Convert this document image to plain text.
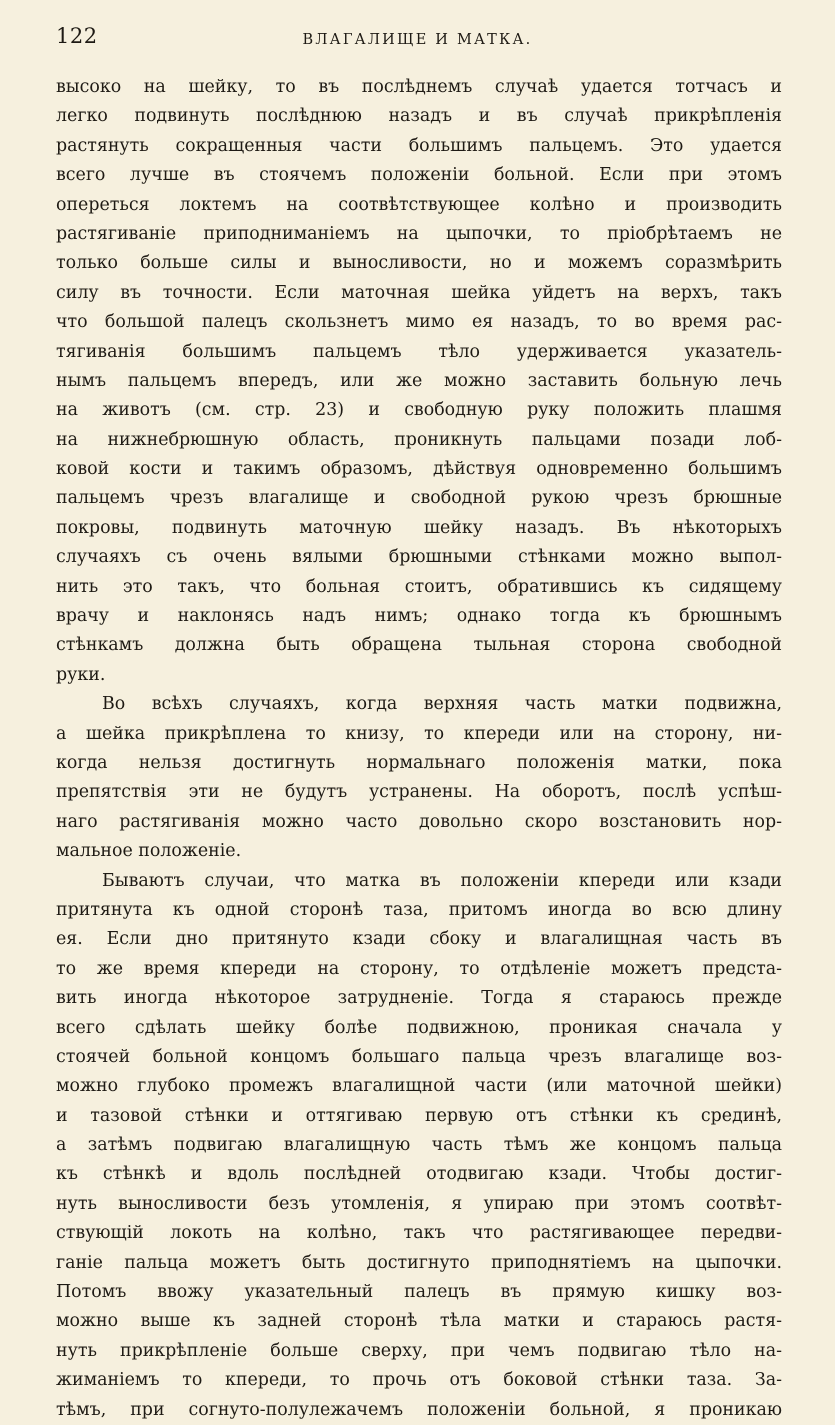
122	ВЛАГАЛИЩЕ И МАТКА.
высоко на шейку, то въ послѣднемъ случаѣ удается тотчасъ и
легко подвинуть послѣднюю назадъ и въ случаѣ прикрѣпленія
растянуть сокращенныя части большимъ пальцемъ. Это удается
всего лучше въ стоячемъ положеніи больной. Если при этомъ
опереться локтемъ на соотвѣтствующее колѣно и производить
растягиваніе приподниманіемъ на цыпочки, то пріобрѣтаемъ не
только больше силы и выносливости, но и можемъ соразмѣрить
силу въ точности. Если маточная шейка уйдетъ на верхъ, такъ
что большой палецъ скользнетъ мимо ея назадъ, то во время рас-
тягиванія большимъ пальцемъ тѣло удерживается указатель-
нымъ пальцемъ впередъ, или же можно заставить больную лечь
на животъ (см. стр. 23) и свободную руку положить плашмя
на нижнебрюшную область, проникнуть пальцами позади лоб-
ковой кости и такимъ образомъ, дѣйствуя одновременно большимъ
пальцемъ чрезъ влагалище и свободной рукою чрезъ брюшные
покровы, подвинуть маточную шейку назадъ. Въ нѣкоторыхъ
случаяхъ съ очень вялыми брюшными стѣнками можно выпол-
нить это такъ, что больная стоитъ, обратившись къ сидящему
врачу и наклонясь надъ нимъ; однако тогда къ брюшнымъ
стѣнкамъ должна быть обращена тыльная сторона свободной
руки.
Во всѣхъ случаяхъ, когда верхняя часть матки подвижна,
а шейка прикрѣплена то книзу, то кпереди или на сторону, ни-
когда нельзя достигнуть нормальнаго положенія матки, пока
препятствія эти не будутъ устранены. На оборотъ, послѣ успѣш-
наго растягиванія можно часто довольно скоро возстановить нор-
мальное положеніе.
Бываютъ случаи, что матка въ положеніи кпереди или кзади
притянута къ одной сторонѣ таза, притомъ иногда во всю длину
ея. Если дно притянуто кзади сбоку и влагалищная часть въ
то же время кпереди на сторону, то отдѣленіе можетъ предста-
вить иногда нѣкоторое затрудненіе. Тогда я стараюсь прежде
всего сдѣлать шейку болѣе подвижною, проникая сначала у
стоячей больной концомъ большаго пальца чрезъ влагалище воз-
можно глубоко промежъ влагалищной части (или маточной шейки)
и тазовой стѣнки и оттягиваю первую отъ стѣнки къ срединѣ,
а затѣмъ подвигаю влагалищную часть тѣмъ же концомъ пальца
къ стѣнкѣ и вдоль послѣдней отодвигаю кзади. Чтобы достиг-
нуть выносливости безъ утомленія, я упираю при этомъ соотвѣт-
ствующій локоть на колѣно, такъ что растягивающее передви-
ганіе пальца можетъ быть достигнуто приподнятіемъ на цыпочки.
Потомъ ввожу указательный палецъ въ прямую кишку воз-
можно выше къ задней сторонѣ тѣла матки и стараюсь растя-
нуть прикрѣпленіе больше сверху, при чемъ подвигаю тѣло на-
жиманіемъ то кпереди, то прочь отъ боковой стѣнки таза. За-
тѣмъ, при согнуто-полулежачемъ положеніи больной, я проникаю
